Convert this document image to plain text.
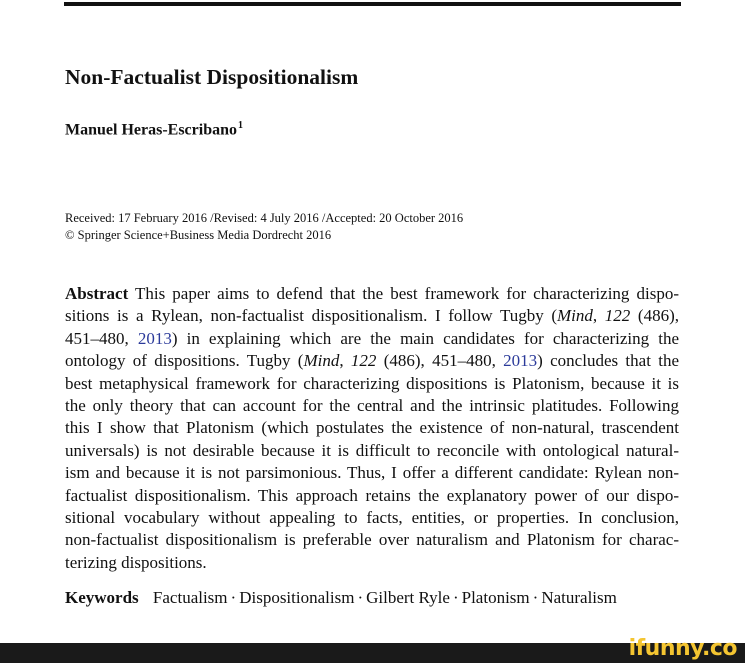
Non-Factualist Dispositionalism
Manuel Heras-Escribano$^1$
Received: 17 February 2016 /Revised: 4 July 2016 /Accepted: 20 October 2016
© Springer Science+Business Media Dordrecht 2016
Abstract This paper aims to defend that the best framework for characterizing dispo-
sitions is a Rylean, non-factualist dispositionalism. I follow Tugby (Mind, 122 (486),
451–480, 2013) in explaining which are the main candidates for characterizing the
ontology of dispositions. Tugby (Mind, 122 (486), 451–480, 2013) concludes that the
best metaphysical framework for characterizing dispositions is Platonism, because it is
the only theory that can account for the central and the intrinsic platitudes. Following
this I show that Platonism (which postulates the existence of non-natural, trascendent
universals) is not desirable because it is difficult to reconcile with ontological natural-
ism and because it is not parsimonious. Thus, I offer a different candidate: Rylean non-
factualist dispositionalism. This approach retains the explanatory power of our dispo-
sitional vocabulary without appealing to facts, entities, or properties. In conclusion,
non-factualist dispositionalism is preferable over naturalism and Platonism for charac-
terizing dispositions.
Keywords Factualism · Dispositionalism · Gilbert Ryle · Platonism · Naturalism
ifunny.co
